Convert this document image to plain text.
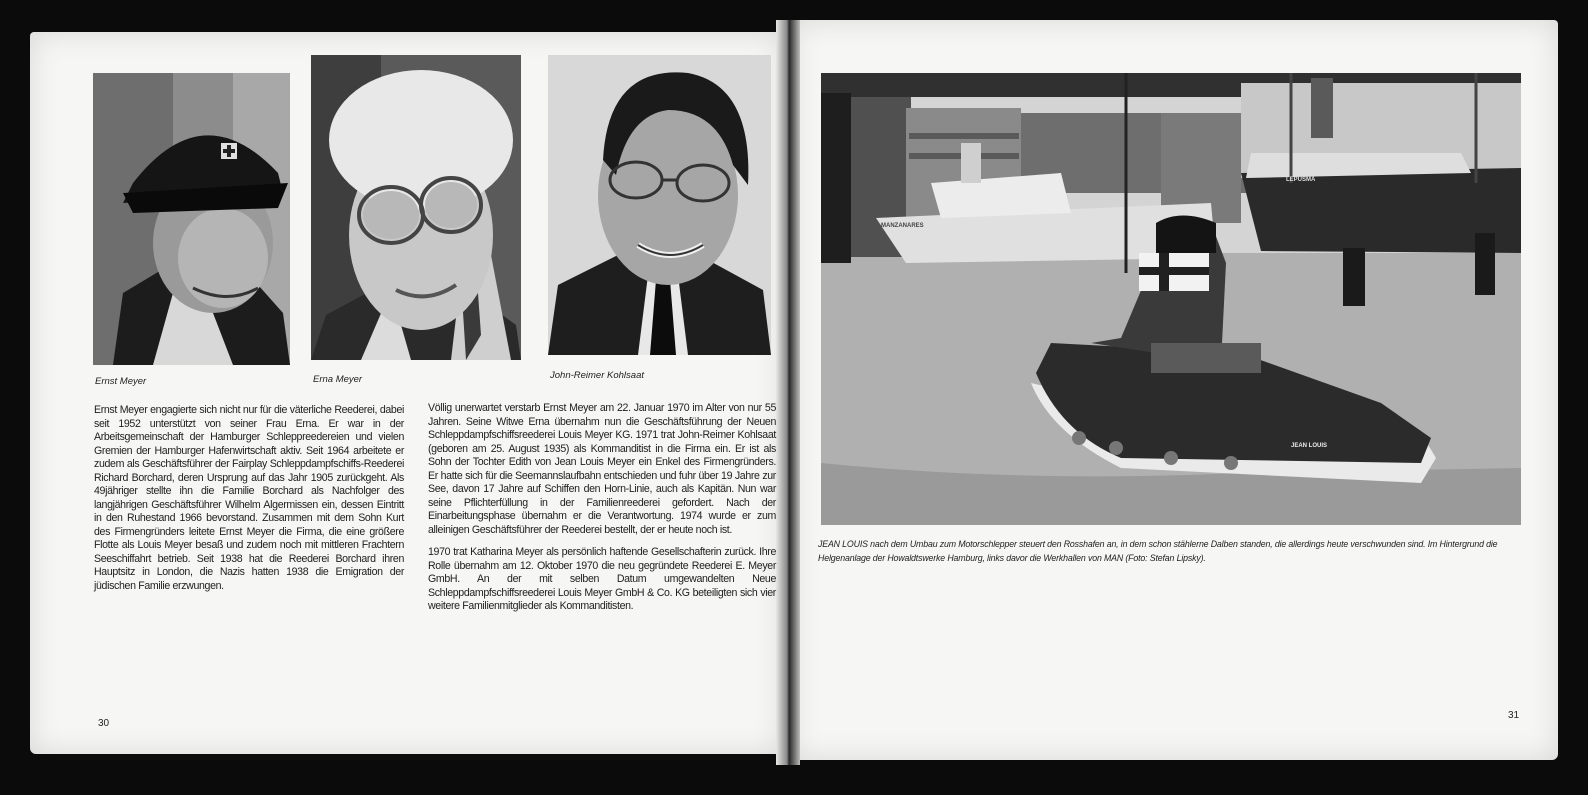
Ernst Meyer	Erna Meyer	John-Reimer Kohlsaat

Ernst Meyer engagierte sich nicht nur für die väterliche Reederei, dabei seit 1952 unterstützt von seiner Frau Erna. Er war in der Arbeitsgemeinschaft der Hamburger Schleppreedereien und vielen Gremien der Hamburger Hafenwirtschaft aktiv. Seit 1964 arbeitete er zudem als Geschäftsführer der Fairplay Schleppdampfschiffs-Reederei Richard Borchard, deren Ursprung auf das Jahr 1905 zurückgeht. Als 49jähriger stellte ihn die Familie Borchard als Nachfolger des langjährigen Geschäftsführer Wilhelm Algermissen ein, dessen Eintritt in den Ruhestand 1966 bevorstand. Zusammen mit dem Sohn Kurt des Firmengründers leitete Ernst Meyer die Firma, die eine größere Flotte als Louis Meyer besaß und zudem noch mit mittleren Frachtern Seeschiffahrt betrieb. Seit 1938 hat die Reederei Borchard ihren Hauptsitz in London, die Nazis hatten 1938 die Emigration der jüdischen Familie erzwungen.

Völlig unerwartet verstarb Ernst Meyer am 22. Januar 1970 im Alter von nur 55 Jahren. Seine Witwe Erna übernahm nun die Geschäftsführung der Neuen Schleppdampfschiffsreederei Louis Meyer KG. 1971 trat John-Reimer Kohlsaat (geboren am 25. August 1935) als Kommanditist in die Firma ein. Er ist als Sohn der Tochter Edith von Jean Louis Meyer ein Enkel des Firmengründers. Er hatte sich für die Seemannslaufbahn entschieden und fuhr über 19 Jahre zur See, davon 17 Jahre auf Schiffen den Horn-Linie, auch als Kapitän. Nun war seine Pflichterfüllung in der Familienreederei gefordert. Nach der Einarbeitungsphase übernahm er die Verantwortung. 1974 wurde er zum alleinigen Geschäftsführer der Reederei bestellt, der er heute noch ist.

1970 trat Katharina Meyer als persönlich haftende Gesellschafterin zurück. Ihre Rolle übernahm am 12. Oktober 1970 die neu gegründete Reederei E. Meyer GmbH. An der mit selben Datum umgewandelten Neue Schleppdampfschiffsreederei Louis Meyer GmbH & Co. KG beteiligten sich vier weitere Familienmitglieder als Kommanditisten.

30
MANZANARES
LEPUSMA
JEAN LOUIS
JEAN LOUIS nach dem Umbau zum Motorschlepper steuert den Rosshafen an, in dem schon stählerne Dalben standen, die allerdings heute verschwunden sind. Im Hintergrund die Helgenanlage der Howaldtswerke Hamburg, links davor die Werkhallen von MAN (Foto: Stefan Lipsky).
31
